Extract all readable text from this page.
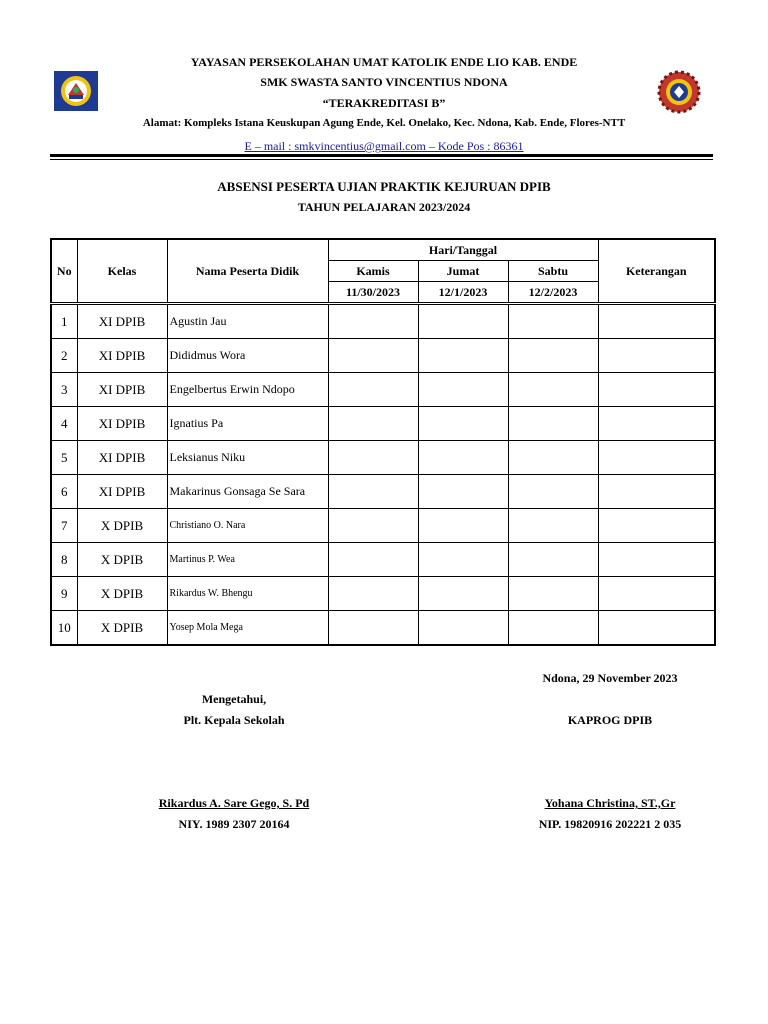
YAYASAN PERSEKOLAHAN UMAT KATOLIK ENDE LIO KAB. ENDE
SMK SWASTA SANTO VINCENTIUS NDONA
“TERAKREDITASI B”
Alamat: Kompleks Istana Keuskupan Agung Ende, Kel. Onelako, Kec. Ndona, Kab. Ende, Flores-NTT
E – mail : smkvincentius@gmail.com – Kode Pos : 86361
ABSENSI PESERTA UJIAN PRAKTIK KEJURUAN DPIB
TAHUN PELAJARAN 2023/2024
No	Kelas	Nama Peserta Didik	Hari/Tanggal			Keterangan
			Kamis	Jumat	Sabtu	
			11/30/2023	12/1/2023	12/2/2023	
1	XI DPIB	Agustin Jau				
2	XI DPIB	Dididmus Wora				
3	XI DPIB	Engelbertus Erwin Ndopo				
4	XI DPIB	Ignatius Pa				
5	XI DPIB	Leksianus Niku				
6	XI DPIB	Makarinus Gonsaga Se Sara				
7	X DPIB	Christiano O. Nara				
8	X DPIB	Martinus P. Wea				
9	X DPIB	Rikardus W. Bhengu				
10	X DPIB	Yosep Mola Mega				
Ndona, 29 November 2023
Mengetahui,
Plt. Kepala Sekolah	KAPROG DPIB
Rikardus A. Sare Gego, S. Pd
NIY. 1989 2307 20164
Yohana Christina, ST.,Gr
NIP. 19820916 202221 2 035
